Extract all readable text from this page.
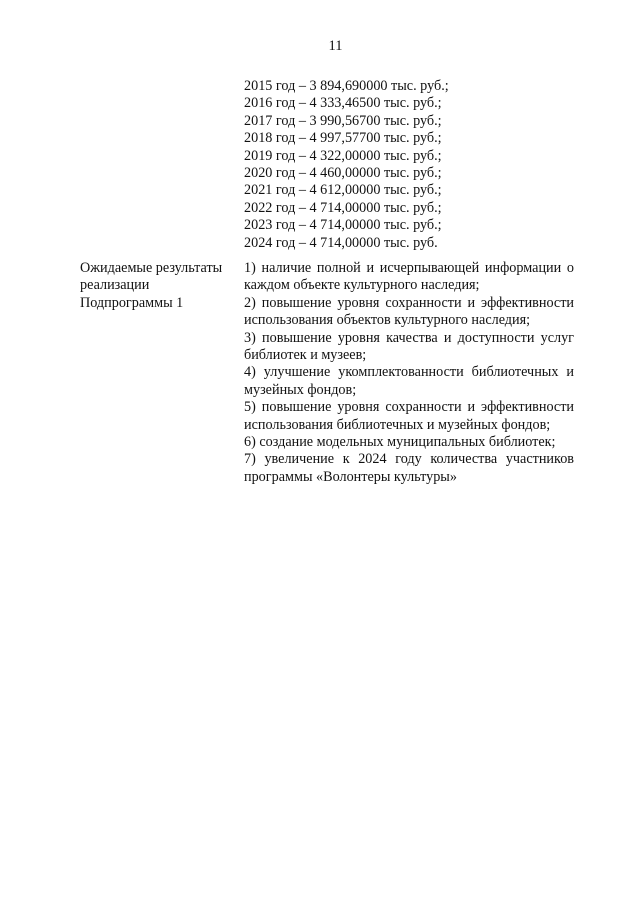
11
2015 год – 3 894,690000 тыс. руб.;
2016 год – 4 333,46500 тыс. руб.;
2017 год – 3 990,56700 тыс. руб.;
2018 год – 4 997,57700 тыс. руб.;
2019 год – 4 322,00000 тыс. руб.;
2020 год – 4 460,00000 тыс. руб.;
2021 год – 4 612,00000 тыс. руб.;
2022 год – 4 714,00000 тыс. руб.;
2023 год – 4 714,00000 тыс. руб.;
2024 год – 4 714,00000 тыс. руб.
Ожидаемые результаты реализации Подпрограммы 1
1) наличие полной и исчерпывающей информации о каждом объекте культурного наследия;
2) повышение уровня сохранности и эффективности использования объектов культурного наследия;
3) повышение уровня качества и доступности услуг библиотек и музеев;
4) улучшение укомплектованности библиотечных и музейных фондов;
5) повышение уровня сохранности и эффективности использования библиотечных и музейных фондов;
6) создание модельных муниципальных библиотек;
7) увеличение к 2024 году количества участников программы «Волонтеры культуры»
